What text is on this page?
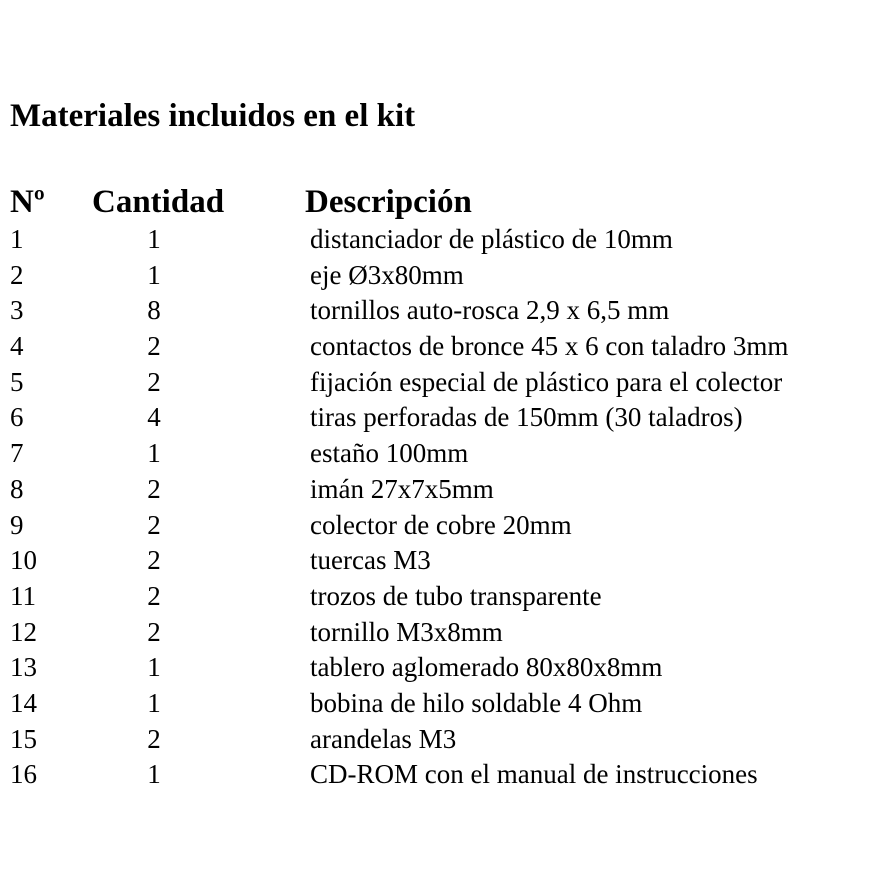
Materiales incluidos en el kit
Nº Cantidad Descripción
1	1	distanciador de plástico de 10mm
2	1	eje Ø3x80mm
3	8	tornillos auto-rosca 2,9 x 6,5 mm
4	2	contactos de bronce 45 x 6 con taladro 3mm
5	2	fijación especial de plástico para el colector
6	4	tiras perforadas de 150mm (30 taladros)
7	1	estaño 100mm
8	2	imán 27x7x5mm
9	2	colector de cobre 20mm
10	2	tuercas M3
11	2	trozos de tubo transparente
12	2	tornillo M3x8mm
13	1	tablero aglomerado 80x80x8mm
14	1	bobina de hilo soldable 4 Ohm
15	2	arandelas M3
16	1	CD-ROM con el manual de instrucciones
